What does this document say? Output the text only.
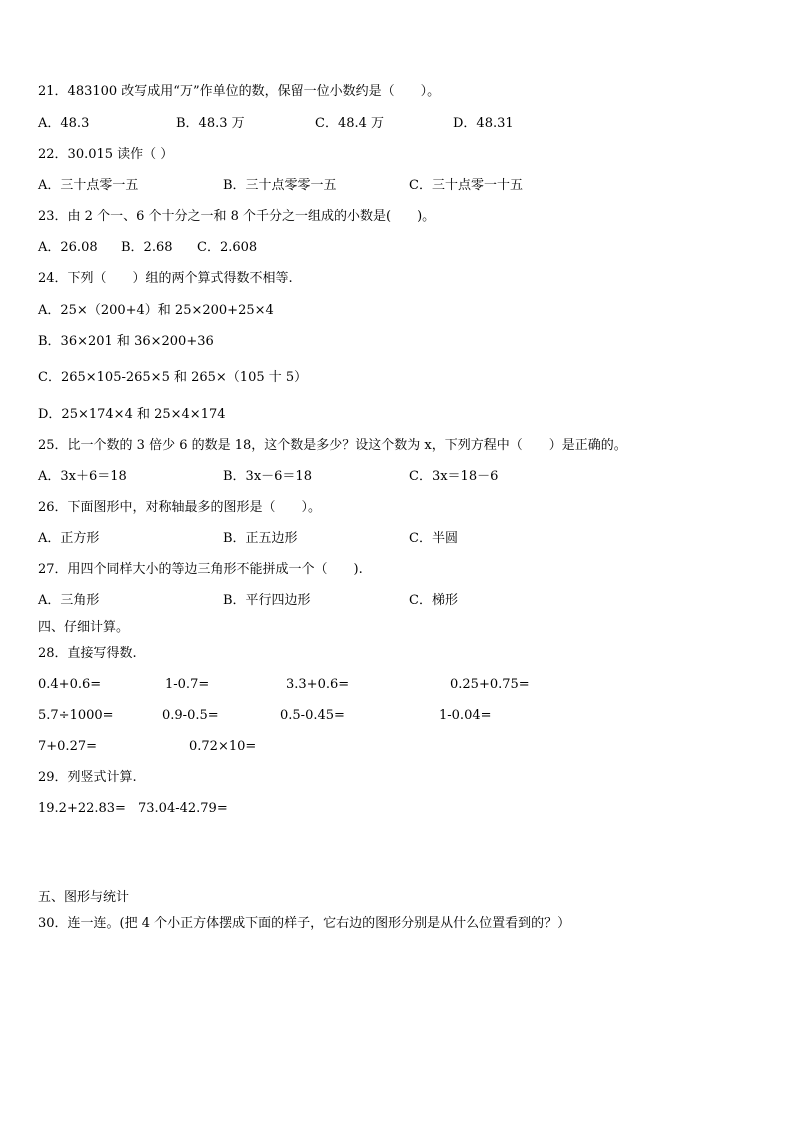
21．483100 改写成用“万”作单位的数，保留一位小数约是（　　）。
A．48.3	B．48.3 万	C．48.4 万	D．48.31
22．30.015 读作（ ）
A．三十点零一五	B．三十点零零一五	C．三十点零一十五
23．由 2 个一、6 个十分之一和 8 个千分之一组成的小数是(　　)。
A．26.08 B．2.68 C．2.608
24．下列（　　）组的两个算式得数不相等.
A．25×（200+4）和 25×200+25×4
B．36×201 和 36×200+36
C．265×105-265×5 和 265×（105 十 5）
D．25×174×4 和 25×4×174
25．比一个数的 3 倍少 6 的数是 18，这个数是多少？设这个数为 x，下列方程中（　　）是正确的。
A．3x＋6＝18	B．3x－6＝18	C．3x＝18－6
26．下面图形中，对称轴最多的图形是（　　）。
A．正方形	B．正五边形	C．半圆
27．用四个同样大小的等边三角形不能拼成一个（　　).
A．三角形	B．平行四边形	C．梯形
四、仔细计算。
28．直接写得数.
0.4+0.6=	1-0.7=	3.3+0.6=	0.25+0.75=
5.7÷1000=	0.9-0.5=	0.5-0.45=	1-0.04=
7+0.27=	0.72×10=
29．列竖式计算.
19.2+22.83= 73.04-42.79=
五、图形与统计
30．连一连。(把 4 个小正方体摆成下面的样子，它右边的图形分别是从什么位置看到的？）
